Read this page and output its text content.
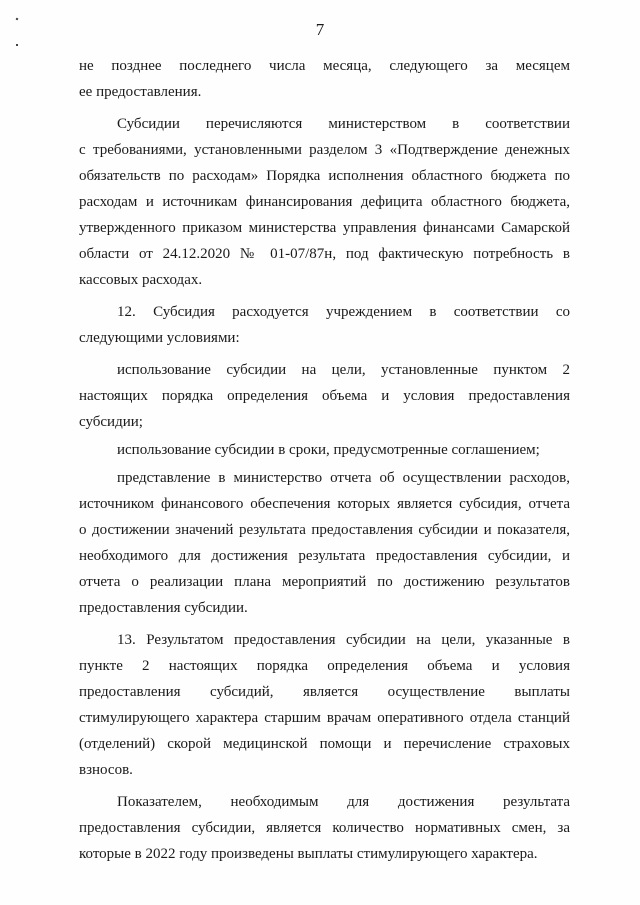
7
не позднее последнего числа месяца, следующего за месяцем
ее предоставления.
Субсидии перечисляются министерством в соответствии
с требованиями, установленными разделом 3 «Подтверждение денежных
обязательств по расходам» Порядка исполнения областного бюджета по
расходам и источникам финансирования дефицита областного бюджета,
утвержденного приказом министерства управления финансами Самарской
области от 24.12.2020 № 01-07/87н, под фактическую потребность в
кассовых расходах.
12. Субсидия расходуется учреждением в соответствии со
следующими условиями:
использование субсидии на цели, установленные пунктом 2
настоящих порядка определения объема и условия предоставления
субсидии;
использование субсидии в сроки, предусмотренные соглашением;
представление в министерство отчета об осуществлении расходов,
источником финансового обеспечения которых является субсидия, отчета
о достижении значений результата предоставления субсидии и показателя,
необходимого для достижения результата предоставления субсидии, и
отчета о реализации плана мероприятий по достижению результатов
предоставления субсидии.
13. Результатом предоставления субсидии на цели, указанные в
пункте 2 настоящих порядка определения объема и условия
предоставления субсидий, является осуществление выплаты
стимулирующего характера старшим врачам оперативного отдела станций
(отделений) скорой медицинской помощи и перечисление страховых
взносов.
Показателем, необходимым для достижения результата
предоставления субсидии, является количество нормативных смен, за
которые в 2022 году произведены выплаты стимулирующего характера.
